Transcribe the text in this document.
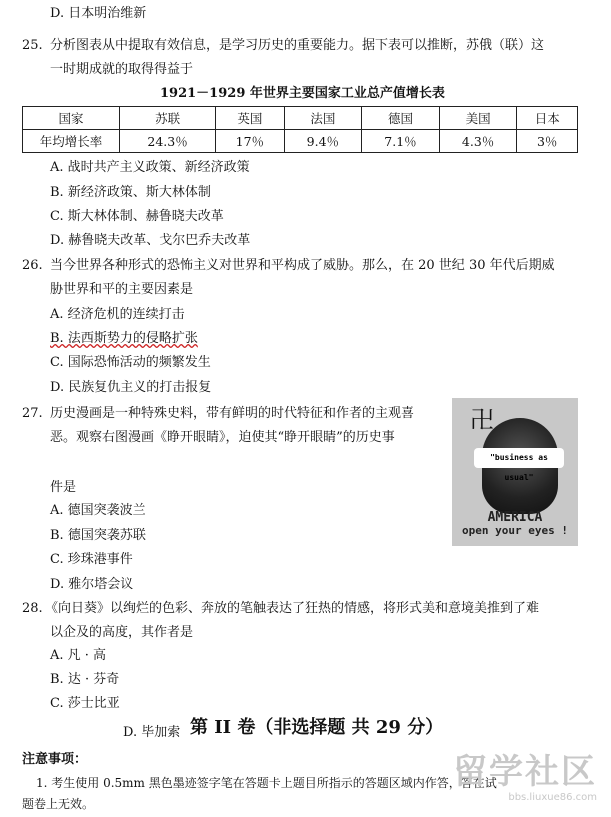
D. 日本明治维新
25. 分析图表从中提取有效信息，是学习历史的重要能力。据下表可以推断，苏俄（联）这
一时期成就的取得得益于
1921－1929 年世界主要国家工业总产值增长表
国家	苏联	英国	法国	德国	美国	日本
年均增长率	24.3％	17％	9.4％	7.1％	4.3％	3％
A. 战时共产主义政策、新经济政策
B. 新经济政策、斯大林体制
C. 斯大林体制、赫鲁晓夫改革
D. 赫鲁晓夫改革、戈尔巴乔夫改革
26. 当今世界各种形式的恐怖主义对世界和平构成了威胁。那么，在 20 世纪 30 年代后期威
胁世界和平的主要因素是
A. 经济危机的连续打击
B. 法西斯势力的侵略扩张
C. 国际恐怖活动的频繁发生
D. 民族复仇主义的打击报复
27. 历史漫画是一种特殊史料，带有鲜明的时代特征和作者的主观喜
恶。观察右图漫画《睁开眼睛》，迫使其“睁开眼睛”的历史事
件是
卍
"business as usual"
AMERICA
open your eyes !
A. 德国突袭波兰
B. 德国突袭苏联
C. 珍珠港事件
D. 雅尔塔会议
28. 《向日葵》以绚烂的色彩、奔放的笔触表达了狂热的情感，将形式美和意境美推到了难
以企及的高度，其作者是
A. 凡 · 高
B. 达 · 芬奇
C. 莎士比亚
D. 毕加索 第 II 卷（非选择题 共 29 分）
注意事项：
1. 考生使用 0.5mm 黑色墨迹签字笔在答题卡上题目所指示的答题区域内作答，答在试
题卷上无效。
留学社区
bbs.liuxue86.com
